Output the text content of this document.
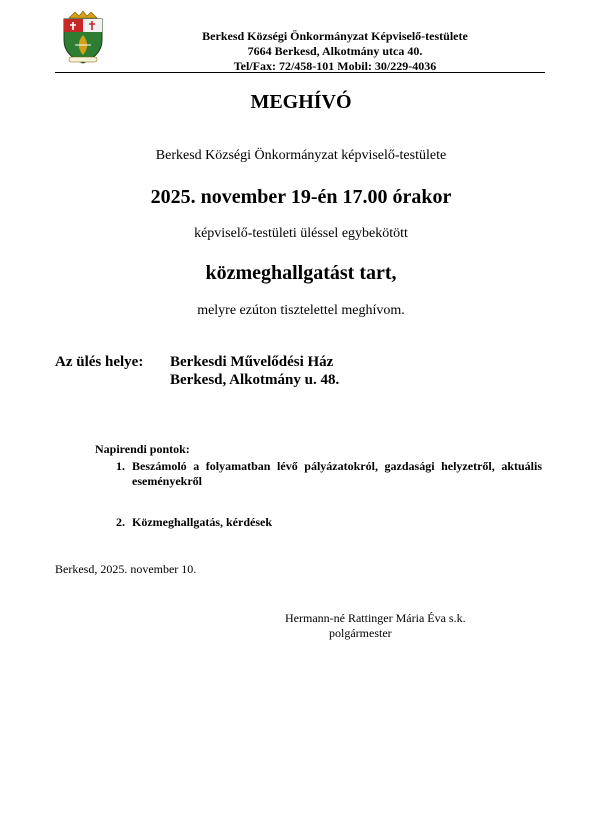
Berkesd Községi Önkormányzat Képviselő-testülete
7664 Berkesd, Alkotmány utca 40.
Tel/Fax: 72/458-101 Mobil: 30/229-4036
MEGHÍVÓ
Berkesd Községi Önkormányzat képviselő-testülete
2025. november 19-én 17.00 órakor
képviselő-testületi üléssel egybekötött
közmeghallgatást tart,
melyre ezúton tisztelettel meghívom.
Az ülés helye: Berkesdi Művelődési Ház
Berkesd, Alkotmány u. 48.
Napirendi pontok:
1. Beszámoló a folyamatban lévő pályázatokról, gazdasági helyzetről, aktuális eseményekről
2. Közmeghallgatás, kérdések
Berkesd, 2025. november 10.
Hermann-né Rattinger Mária Éva s.k.
polgármester
